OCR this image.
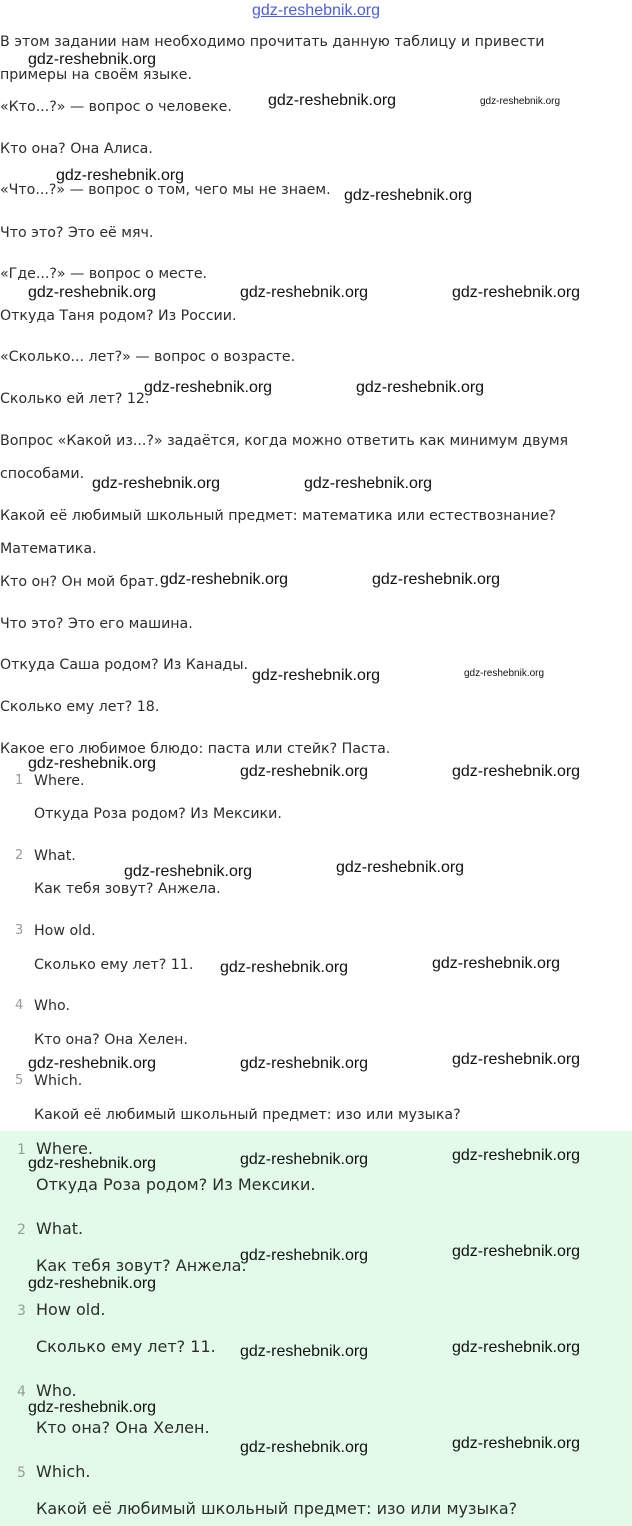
gdz-reshebnik.org

В этом задании нам необходимо прочитать данную таблицу и привести

примеры на своём языке.

«Кто...?» — вопрос о человеке.

Кто она? Она Алиса.

«Что...?» — вопрос о том, чего мы не знаем.

Что это? Это её мяч.

«Где...?» — вопрос о месте.

Откуда Таня родом? Из России.

«Сколько... лет?» — вопрос о возрасте.

Сколько ей лет? 12.

Вопрос «Какой из...?» задаётся, когда можно ответить как минимум двумя

способами.

Какой её любимый школьный предмет: математика или естествознание?

Математика.

Кто он? Он мой брат.

Что это? Это его машина.

Откуда Саша родом? Из Канады.

Сколько ему лет? 18.

Какое его любимое блюдо: паста или стейк? Паста.

1 Where.

Откуда Роза родом? Из Мексики.

2 What.

Как тебя зовут? Анжела.

3 How old.

Сколько ему лет? 11.

4 Who.

Кто она? Она Хелен.

5 Which.

Какой её любимый школьный предмет: изо или музыка?

1 Where.

Откуда Роза родом? Из Мексики.

2 What.

Как тебя зовут? Анжела.

3 How old.

Сколько ему лет? 11.

4 Who.

Кто она? Она Хелен.

5 Which.

Какой её любимый школьный предмет: изо или музыка?

gdz-reshebnik.org
gdz-reshebnik.org	gdz-reshebnik.org
gdz-reshebnik.org
gdz-reshebnik.org
gdz-reshebnik.org	gdz-reshebnik.org	gdz-reshebnik.org
gdz-reshebnik.org	gdz-reshebnik.org
gdz-reshebnik.org	gdz-reshebnik.org
gdz-reshebnik.org	gdz-reshebnik.org
gdz-reshebnik.org	gdz-reshebnik.org
gdz-reshebnik.org	gdz-reshebnik.org	gdz-reshebnik.org
gdz-reshebnik.org	gdz-reshebnik.org
gdz-reshebnik.org	gdz-reshebnik.org
gdz-reshebnik.org	gdz-reshebnik.org	gdz-reshebnik.org
gdz-reshebnik.org	gdz-reshebnik.org	gdz-reshebnik.org
gdz-reshebnik.org	gdz-reshebnik.org
gdz-reshebnik.org
gdz-reshebnik.org	gdz-reshebnik.org
gdz-reshebnik.org
gdz-reshebnik.org	gdz-reshebnik.org
